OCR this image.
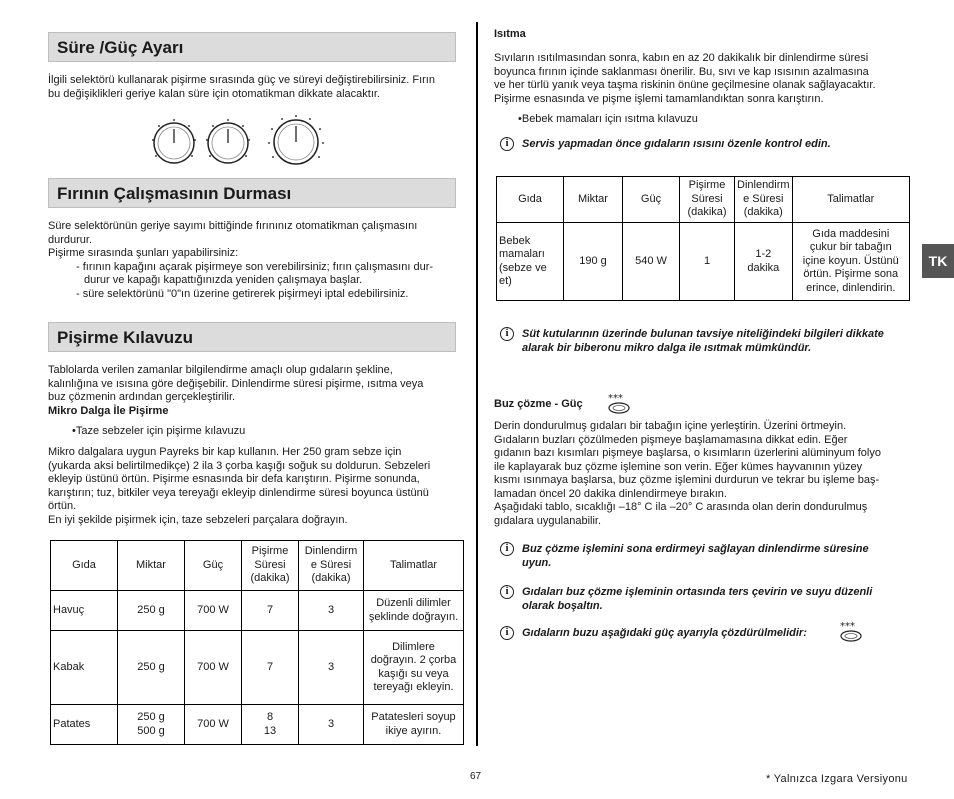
Süre /Güç Ayarı
İlgili selektörü kullanarak pişirme sırasında güç ve süreyi değiştirebilirsiniz. Fırın
bu değişiklikleri geriye kalan süre için otomatikman dikkate alacaktır.
Fırının Çalışmasının Durması
Süre selektörünün geriye sayımı bittiğinde fırınınız otomatikman çalışmasını
durdurur.
Pişirme sırasında şunları yapabilirsiniz:
- fırının kapağını açarak pişirmeye son verebilirsiniz; fırın çalışmasını dur-
durur ve kapağı kapattığınızda yeniden çalışmaya başlar.
- süre selektörünü "0"ın üzerine getirerek pişirmeyi iptal edebilirsiniz.
Pişirme Kılavuzu
Tablolarda verilen zamanlar bilgilendirme amaçlı olup gıdaların şekline,
kalınlığına ve ısısına göre değişebilir. Dinlendirme süresi pişirme, ısıtma veya
buz çözmenin ardından gerçekleştirilir.
Mikro Dalga İle Pişirme
•Taze sebzeler için pişirme kılavuzu
Mikro dalgalara uygun Payreks bir kap kullanın. Her 250 gram sebze için
(yukarda aksi belirtilmedikçe) 2 ila 3 çorba kaşığı soğuk su doldurun. Sebzeleri
ekleyip üstünü örtün. Pişirme esnasında bir defa karıştırın. Pişirme sonunda,
karıştırın; tuz, bitkiler veya tereyağı ekleyip dinlendirme süresi boyunca üstünü
örtün.
En iyi şekilde pişirmek için, taze sebzeleri parçalara doğrayın.
Gıda	Miktar	Güç	Pişirme
Süresi
(dakika)	Dinlendirm
e Süresi
(dakika)	Talimatlar
Havuç	250 g	700 W	7	3	Düzenli dilimler
şeklinde doğrayın.
Kabak	250 g	700 W	7	3	Dilimlere
doğrayın. 2 çorba
kaşığı su veya
tereyağı ekleyin.
Patates	250 g
500 g	700 W	8
13	3	Patatesleri soyup
ikiye ayırın.
Isıtma
Sıvıların ısıtılmasından sonra, kabın en az 20 dakikalık bir dinlendirme süresi
boyunca fırının içinde saklanması önerilir. Bu, sıvı ve kap ısısının azalmasına
ve her türlü yanık veya taşma riskinin önüne geçilmesine olanak sağlayacaktır.
Pişirme esnasında ve pişme işlemi tamamlandıktan sonra karıştırın.
•Bebek mamaları için ısıtma kılavuzu
i	Servis yapmadan önce gıdaların ısısını özenle kontrol edin.
Gıda	Miktar	Güç	Pişirme
Süresi
(dakika)	Dinlendirm
e Süresi
(dakika)	Talimatlar
Bebek
mamaları
(sebze ve
et)	190 g	540 W	1	1-2
dakika	Gıda maddesini
çukur bir tabağın
içine koyun. Üstünü
örtün. Pişirme sona
erince, dinlendirin.
i	Süt kutularının üzerinde bulunan tavsiye niteliğindeki bilgileri dikkate
alarak bir biberonu mikro dalga ile ısıtmak mümkündür.
Buz çözme - Güç	***
Derin dondurulmuş gıdaları bir tabağın içine yerleştirin. Üzerini örtmeyin.
Gıdaların buzları çözülmeden pişmeye başlamamasına dikkat edin. Eğer
gıdanın bazı kısımları pişmeye başlarsa, o kısımların üzerlerini alüminyum folyo
ile kaplayarak buz çözme işlemine son verin. Eğer kümes hayvanının yüzey
kısmı ısınmaya başlarsa, buz çözme işlemini durdurun ve tekrar bu işleme baş-
lamadan öncel 20 dakika dinlendirmeye bırakın.
Aşağıdaki tablo, sıcaklığı –18° C ila –20° C arasında olan derin dondurulmuş
gıdalara uygulanabilir.
i	Buz çözme işlemini sona erdirmeyi sağlayan dinlendirme süresine
uyun.
i	Gıdaları buz çözme işleminin ortasında ters çevirin ve suyu düzenli
olarak boşaltın.
i	Gıdaların buzu aşağıdaki güç ayarıyla çözdürülmelidir:
***
TK
67	* Yalnızca Izgara Versiyonu
